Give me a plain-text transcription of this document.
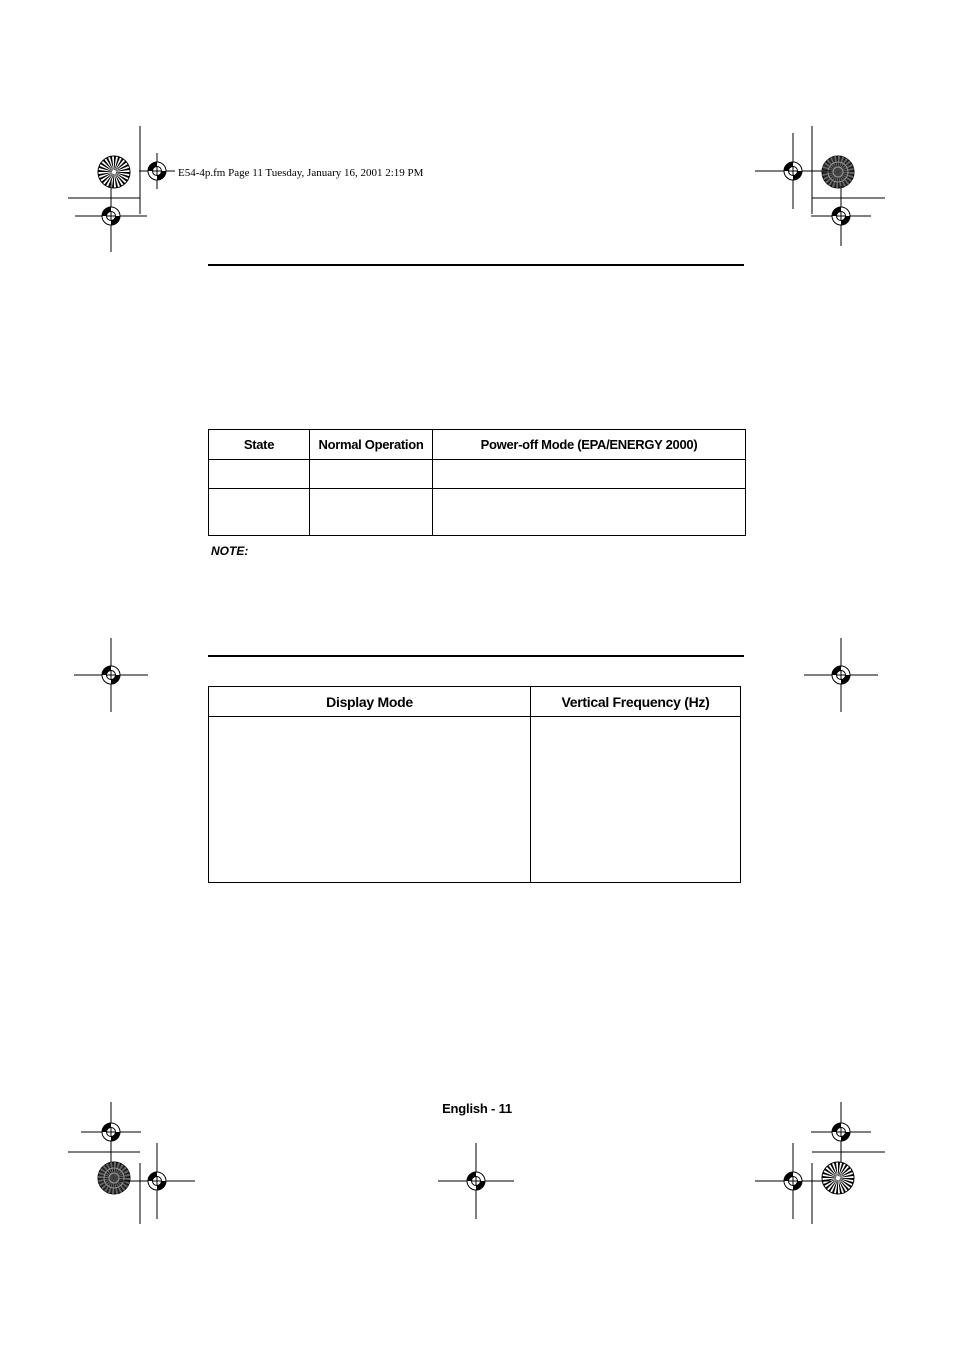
E54-4p.fm Page 11 Tuesday, January 16, 2001 2:19 PM
State	Normal Operation	Power-off Mode (EPA/ENERGY 2000)

NOTE:
Display Mode	Vertical Frequency (Hz)

English - 11
